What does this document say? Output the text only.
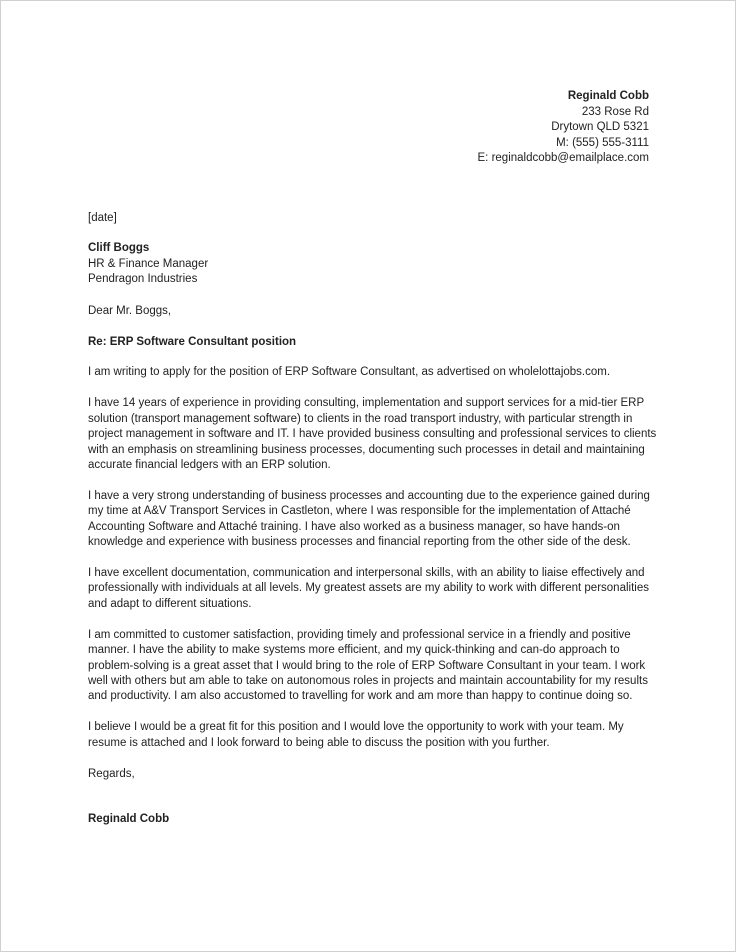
Reginald Cobb
233 Rose Rd
Drytown QLD 5321
M: (555) 555-3111
E: reginaldcobb@emailplace.com
[date]
Cliff Boggs
HR & Finance Manager
Pendragon Industries
Dear Mr. Boggs,
Re: ERP Software Consultant position

I am writing to apply for the position of ERP Software Consultant, as advertised on wholelottajobs.com.

I have 14 years of experience in providing consulting, implementation and support services for a mid-tier ERP solution (transport management software) to clients in the road transport industry, with particular strength in project management in software and IT. I have provided business consulting and professional services to clients with an emphasis on streamlining business processes, documenting such processes in detail and maintaining accurate financial ledgers with an ERP solution.

I have a very strong understanding of business processes and accounting due to the experience gained during my time at A&V Transport Services in Castleton, where I was responsible for the implementation of Attaché Accounting Software and Attaché training. I have also worked as a business manager, so have hands-on knowledge and experience with business processes and financial reporting from the other side of the desk.

I have excellent documentation, communication and interpersonal skills, with an ability to liaise effectively and professionally with individuals at all levels. My greatest assets are my ability to work with different personalities and adapt to different situations.

I am committed to customer satisfaction, providing timely and professional service in a friendly and positive manner. I have the ability to make systems more efficient, and my quick-thinking and can-do approach to problem-solving is a great asset that I would bring to the role of ERP Software Consultant in your team. I work well with others but am able to take on autonomous roles in projects and maintain accountability for my results and productivity. I am also accustomed to travelling for work and am more than happy to continue doing so.

I believe I would be a great fit for this position and I would love the opportunity to work with your team. My resume is attached and I look forward to being able to discuss the position with you further.

Regards,
Reginald Cobb
